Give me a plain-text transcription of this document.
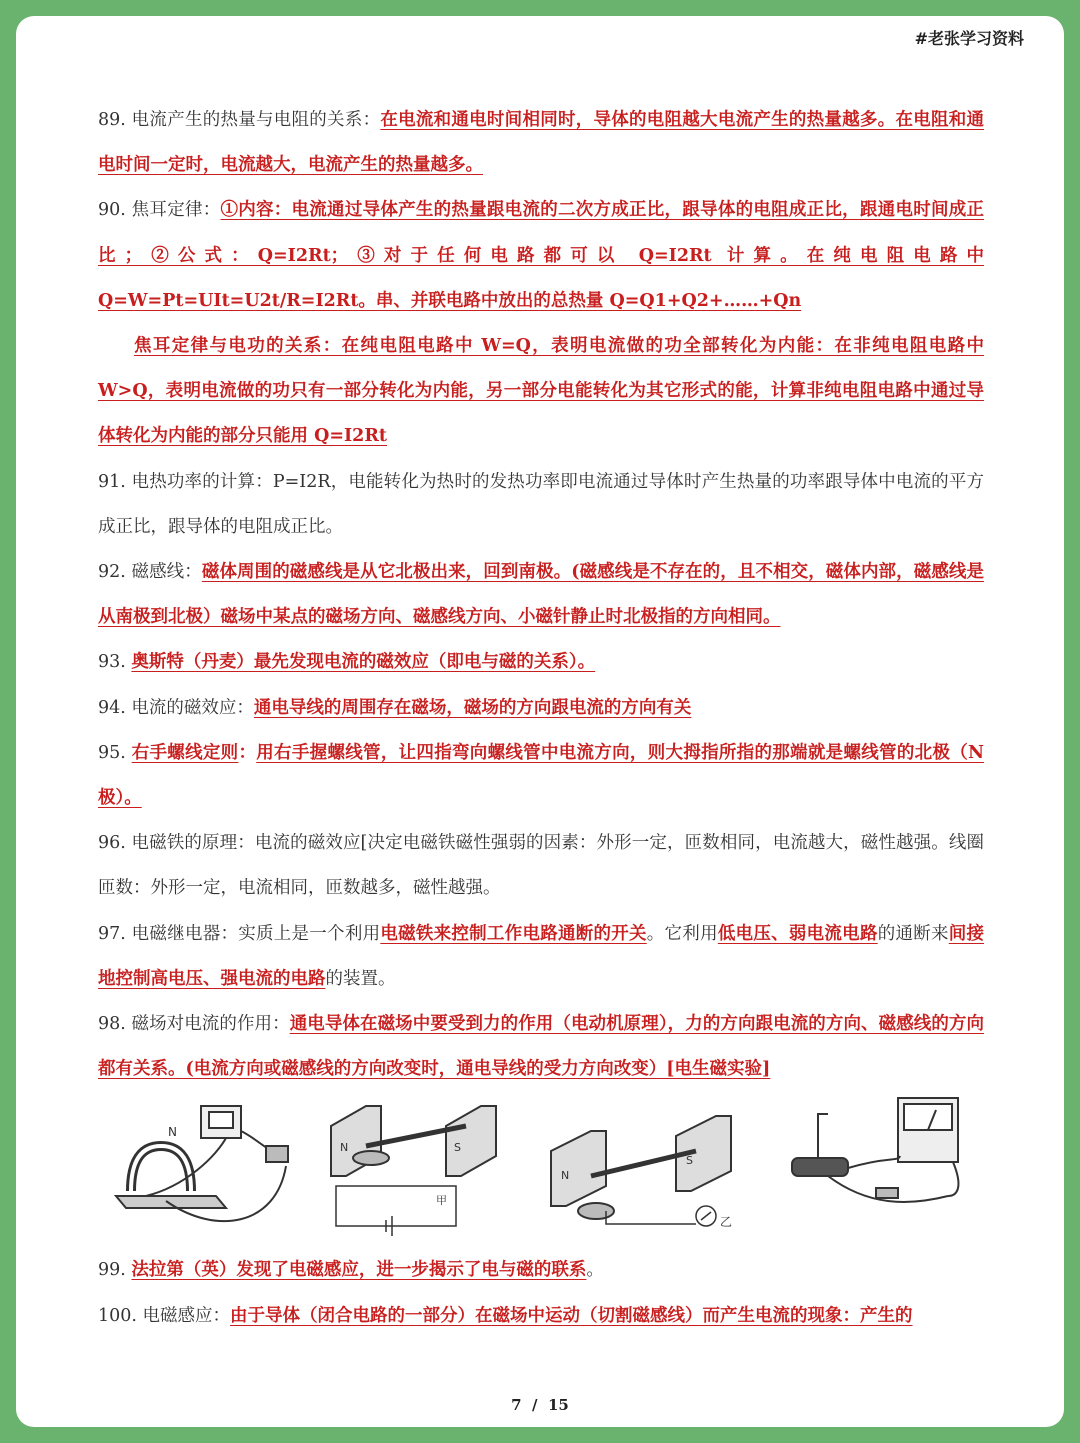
#老张学习资料

89. 电流产生的热量与电阻的关系：在电流和通电时间相同时，导体的电阻越大电流产生的热量越多。在电阻和通电时间一定时，电流越大，电流产生的热量越多。

90. 焦耳定律：①内容：电流通过导体产生的热量跟电流的二次方成正比，跟导体的电阻成正比，跟通电时间成正比；②公式：Q=I2Rt；③对于任何电路都可以 Q=I2Rt 计算。在纯电阻电路中 Q=W=Pt=UIt=U2t/R=I2Rt。串、并联电路中放出的总热量 Q=Q1+Q2+……+Qn

焦耳定律与电功的关系：在纯电阻电路中 W=Q，表明电流做的功全部转化为内能：在非纯电阻电路中 W>Q，表明电流做的功只有一部分转化为内能，另一部分电能转化为其它形式的能，计算非纯电阻电路中通过导体转化为内能的部分只能用 Q=I2Rt

91. 电热功率的计算：P=I2R，电能转化为热时的发热功率即电流通过导体时产生热量的功率跟导体中电流的平方成正比，跟导体的电阻成正比。

92. 磁感线：磁体周围的磁感线是从它北极出来，回到南极。(磁感线是不存在的，且不相交，磁体内部，磁感线是从南极到北极）磁场中某点的磁场方向、磁感线方向、小磁针静止时北极指的方向相同。

93. 奥斯特（丹麦）最先发现电流的磁效应（即电与磁的关系）。

94. 电流的磁效应：通电导线的周围存在磁场，磁场的方向跟电流的方向有关

95. 右手螺线定则：用右手握螺线管，让四指弯向螺线管中电流方向，则大拇指所指的那端就是螺线管的北极（N 极）。

96. 电磁铁的原理：电流的磁效应[决定电磁铁磁性强弱的因素：外形一定，匝数相同，电流越大，磁性越强。线圈匝数：外形一定，电流相同，匝数越多，磁性越强。

97. 电磁继电器：实质上是一个利用电磁铁来控制工作电路通断的开关。它利用低电压、弱电流电路的通断来间接地控制高电压、强电流的电路的装置。

98. 磁场对电流的作用：通电导体在磁场中要受到力的作用（电动机原理），力的方向跟电流的方向、磁感线的方向都有关系。(电流方向或磁感线的方向改变时，通电导线的受力方向改变）[电生磁实验]

N
N	S
甲
N
S
乙

99. 法拉第（英）发现了电磁感应，进一步揭示了电与磁的联系。

100. 电磁感应：由于导体（闭合电路的一部分）在磁场中运动（切割磁感线）而产生电流的现象：产生的

7 / 15
